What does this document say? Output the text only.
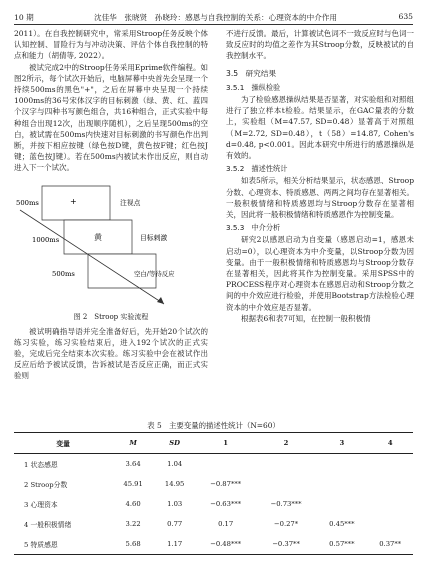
10 期	沈佳华　张晓贤　孙晓玲：感恩与自我控制的关系：心理资本的中介作用	635

2011）。在自我控制研究中，常采用Stroop任务反映个体认知控制、冒险行为与冲动决策、评估个体自我控制的特点和能力（胡倩等, 2022）。

被试完成2中的Stroop任务采用Eprime软件编程。如图2所示，每个试次开始后，电脑屏幕中央首先会呈现一个持续500ms的黑色"+"，之后在屏幕中央呈现一个持续1000ms的36号宋体汉字的目标刺激（绿、黄、红、蓝四个汉字与四种书写颜色组合，共16种组合，正式实验中每种组合出现12次，出现顺序随机），之后呈现500ms的空白，被试需在500ms内快速对目标刺激的书写颜色作出判断，并按下相应按键（绿色按D键，黄色按F键；红色按J键；蓝色按J键）。若在500ms内被试未作出反应，则自动进入下一个试次。

+	注视点
500ms
黄	目标刺激
1000ms
空白/等待反应
500ms
图 2　Stroop 实验流程

被试明确指导语并完全准备好后，先开始20个试次的练习实验，练习实验结束后，进入192个试次的正式实验，完成后完全结束本次实验。练习实验中会在被试作出反应后给予被试反馈，告诉被试是否反应正确，而正式实验则

不进行反馈。最后，计算被试色词不一致反应时与色词一致反应时的均值之差作为其Stroop分数，反映被试的自我控制水平。

3.5　研究结果
3.5.1　操纵检验

为了检验感恩操纵结果是否显著，对实验组和对照组进行了独立样本t检验。结果显示，在GAC量表的分数上，实验组（M=47.57, SD=0.48）显著高于对照组（M=2.72, SD=0.48），t（58）=14.87, Cohen's d=0.48, p<0.001。因此本研究中所进行的感恩操纵是有效的。

3.5.2　描述性统计

如表5所示，相关分析结果显示，状态感恩、Stroop分数、心理资本、特质感恩、两两之间均存在显著相关。一般积极情绪和特质感恩均与Stroop分数存在显著相关，因此将一般积极情绪和特质感恩作为控制变量。

3.5.3　中介分析

研究2以感恩启动为自变量（感恩启动=1，感恩未启动=0），以心理资本为中介变量，以Stroop分数为因变量。由于一般积极情绪和特质感恩均与Stroop分数存在显著相关，因此将其作为控制变量。采用SPSS中的PROCESS程序对心理资本在感恩启动和Stroop分数之间的中介效应进行检验，并使用Bootstrap方法检验心理资本的中介效应是否显著。

根据表6和表7可知，在控制一般积极情

表 5　主要变量的描述性统计（N=60）
变量	M	SD	1	2	3	4
1 状态感恩	3.64	1.04				
2 Stroop分数	45.91	14.95	−0.87***			
3 心理资本	4.60	1.03	−0.63***	−0.73***		
4 一般积极情绪	3.22	0.77	0.17	−0.27*	0.45***	
5 特质感恩	5.68	1.17	−0.48***	−0.37**	0.57***	0.37**
